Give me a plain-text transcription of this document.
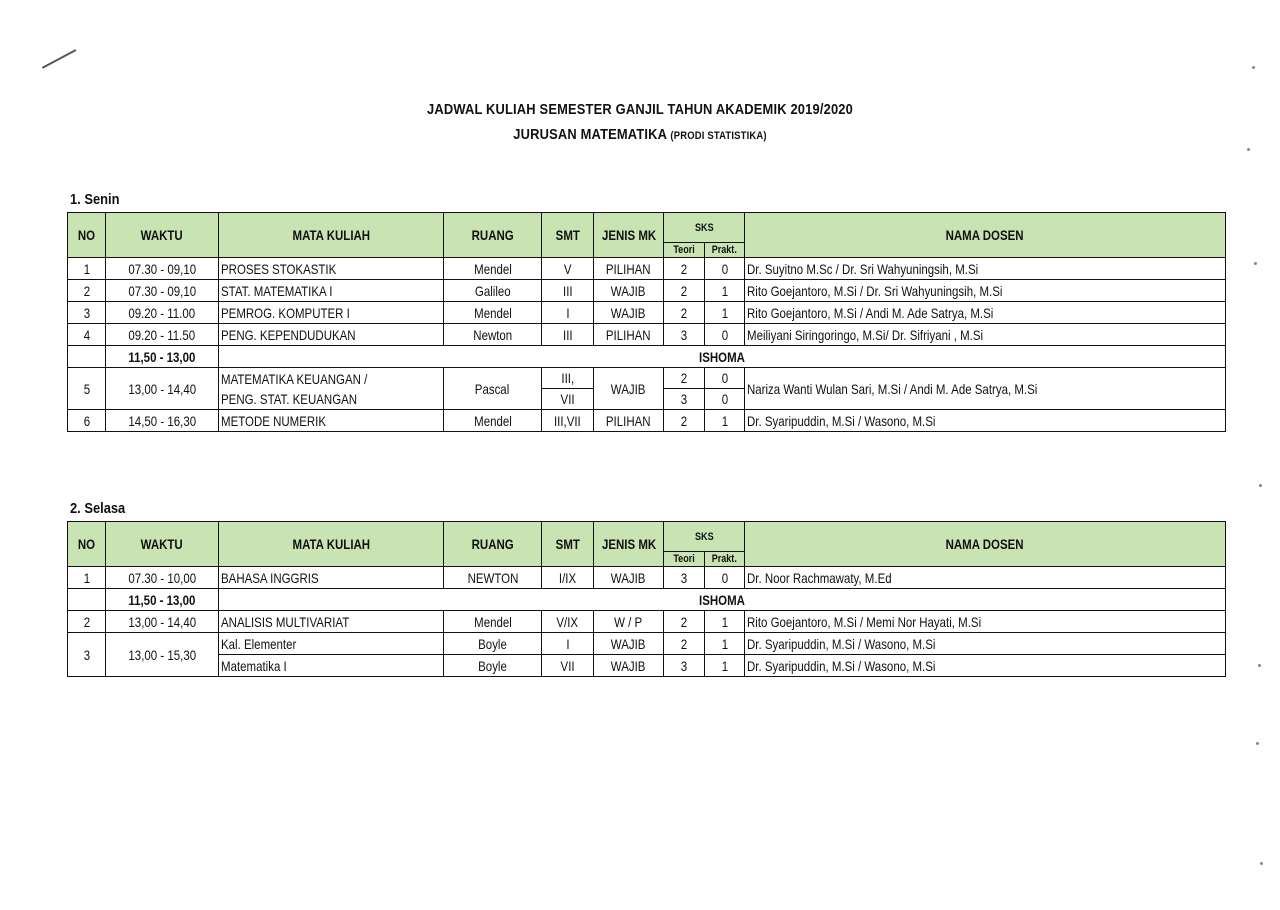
JADWAL KULIAH SEMESTER GANJIL TAHUN AKADEMIK 2019/2020
JURUSAN MATEMATIKA (PRODI STATISTIKA)
1. Senin
NO	WAKTU	MATA KULIAH	RUANG	SMT	JENIS MK	SKS		NAMA DOSEN
						Teori	Prakt.	
1	07.30 - 09,10	PROSES STOKASTIK	Mendel	V	PILIHAN	2	0	Dr. Suyitno M.Sc / Dr. Sri Wahyuningsih, M.Si
2	07.30 - 09,10	STAT. MATEMATIKA I	Galileo	III	WAJIB	2	1	Rito Goejantoro, M.Si / Dr. Sri Wahyuningsih, M.Si
3	09.20 - 11.00	PEMROG. KOMPUTER I	Mendel	I	WAJIB	2	1	Rito Goejantoro, M.Si / Andi M. Ade Satrya, M.Si
4	09.20 - 11.50	PENG. KEPENDUDUKAN	Newton	III	PILIHAN	3	0	Meiliyani Siringoringo, M.Si/ Dr. Sifriyani , M.Si
	11,50 - 13,00	ISHOMA						
5	13,00 - 14,40	MATEMATIKA KEUANGAN /
PENG. STAT. KEUANGAN	Pascal	III,	WAJIB	2	0	Nariza Wanti Wulan Sari, M.Si / Andi M. Ade Satrya, M.Si
				VII		3	0	
6	14,50 - 16,30	METODE NUMERIK	Mendel	III,VII	PILIHAN	2	1	Dr. Syaripuddin, M.Si / Wasono, M.Si
2. Selasa
NO	WAKTU	MATA KULIAH	RUANG	SMT	JENIS MK	SKS		NAMA DOSEN
						Teori	Prakt.	
1	07.30 - 10,00	BAHASA INGGRIS	NEWTON	I/IX	WAJIB	3	0	Dr. Noor Rachmawaty, M.Ed
	11,50 - 13,00	ISHOMA						
2	13,00 - 14,40	ANALISIS MULTIVARIAT	Mendel	V/IX	W / P	2	1	Rito Goejantoro, M.Si / Memi Nor Hayati, M.Si
3	13,00 - 15,30	Kal. Elementer	Boyle	I	WAJIB	2	1	Dr. Syaripuddin, M.Si / Wasono, M.Si
		Matematika I	Boyle	VII	WAJIB	3	1	Dr. Syaripuddin, M.Si / Wasono, M.Si
